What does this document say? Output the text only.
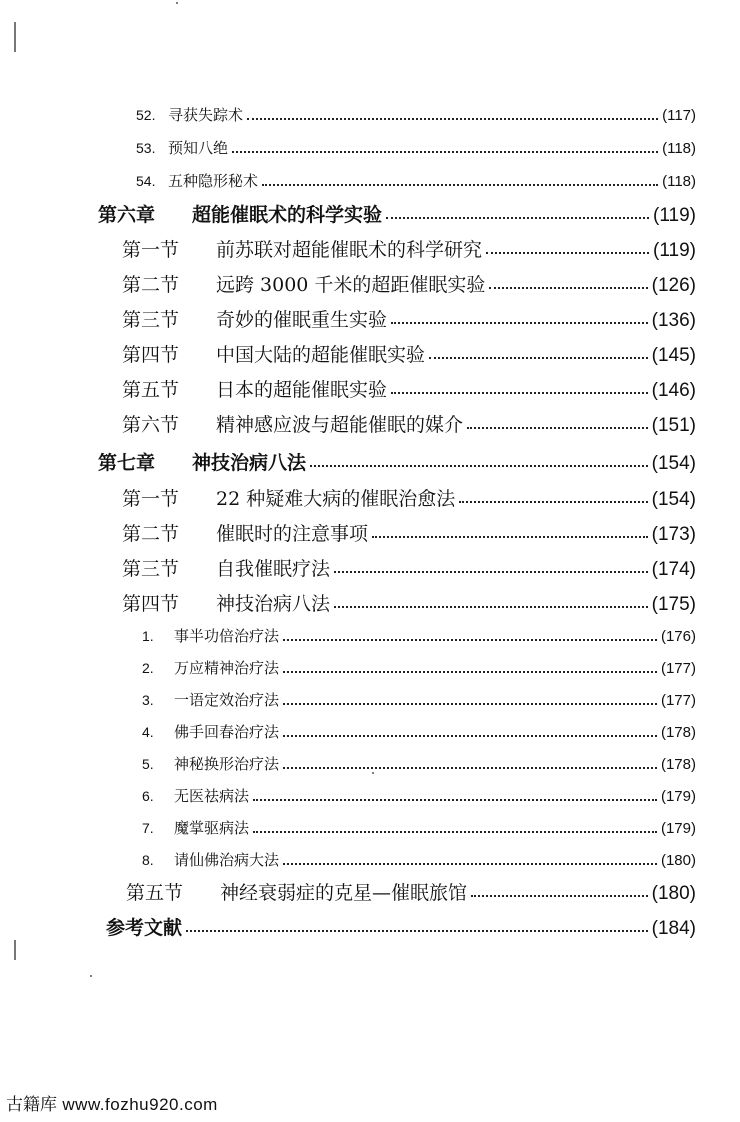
52. 寻获失踪术	(117)
53. 预知八绝	(118)
54. 五种隐形秘术	(118)
第六章	超能催眠术的科学实验	(119)
第一节	前苏联对超能催眠术的科学研究	(119)
第二节	远跨 3000 千米的超距催眠实验	(126)
第三节	奇妙的催眠重生实验	(136)
第四节	中国大陆的超能催眠实验	(145)
第五节	日本的超能催眠实验	(146)
第六节	精神感应波与超能催眠的媒介	(151)
第七章	神技治病八法	(154)
第一节	22 种疑难大病的催眠治愈法	(154)
第二节	催眠时的注意事项	(173)
第三节	自我催眠疗法	(174)
第四节	神技治病八法	(175)
1.	事半功倍治疗法	(176)
2.	万应精神治疗法	(177)
3.	一语定效治疗法	(177)
4.	佛手回春治疗法	(178)
5.	神秘换形治疗法	(178)
6.	无医祛病法	(179)
7.	魔掌驱病法	(179)
8.	请仙佛治病大法	(180)
第五节	神经衰弱症的克星—催眠旅馆	(180)
参考文献	(184)
古籍库 www.fozhu920.com
